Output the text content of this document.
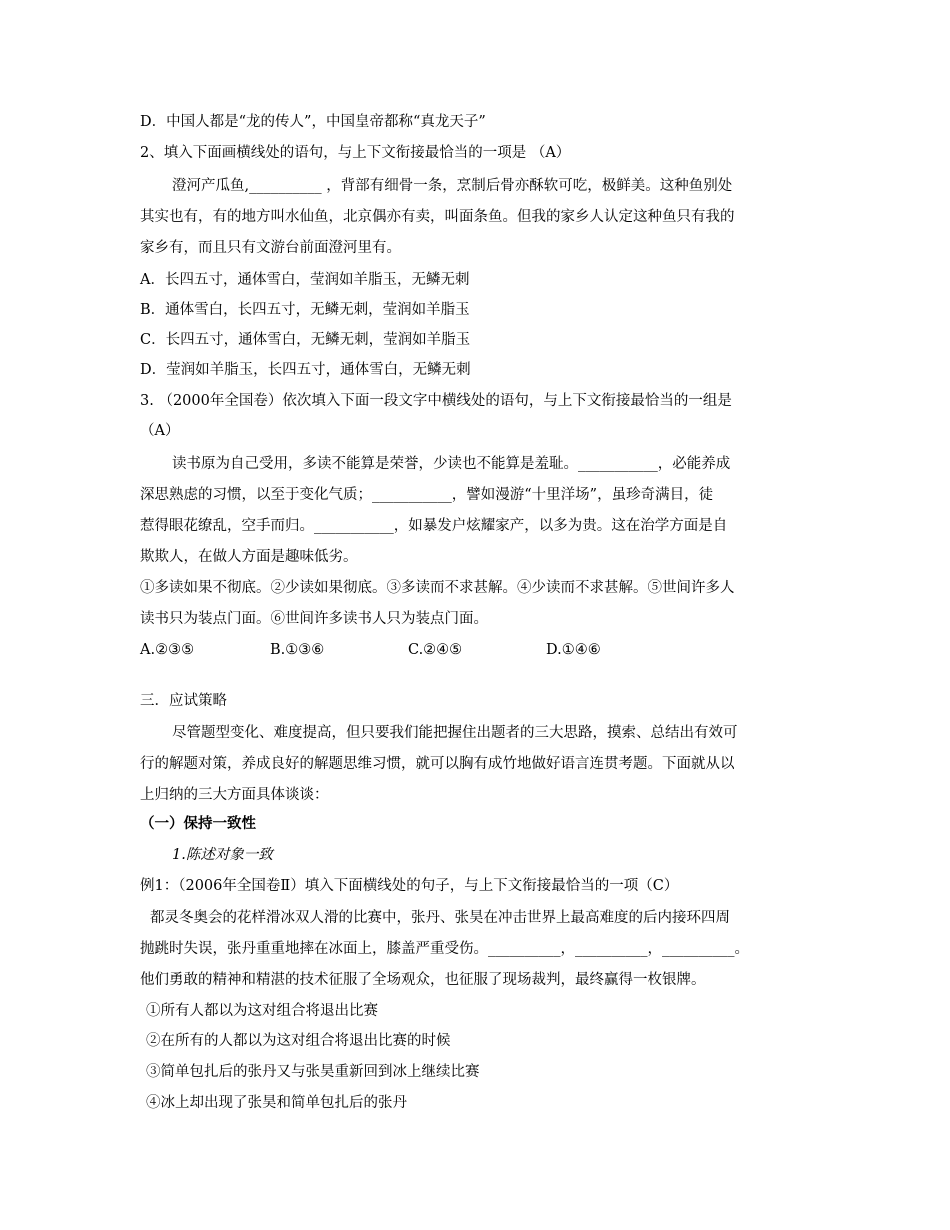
D．中国人都是“龙的传人”，中国皇帝都称“真龙天子”
2、填入下面画横线处的语句，与上下文衔接最恰当的一项是 （A）
澄河产瓜鱼,__________ ，背部有细骨一条，烹制后骨亦酥软可吃，极鲜美。这种鱼别处
其实也有，有的地方叫水仙鱼，北京偶亦有卖，叫面条鱼。但我的家乡人认定这种鱼只有我的
家乡有，而且只有文游台前面澄河里有。
A．长四五寸，通体雪白，莹润如羊脂玉，无鳞无刺
B．通体雪白，长四五寸，无鳞无刺，莹润如羊脂玉
C．长四五寸，通体雪白，无鳞无刺，莹润如羊脂玉
D．莹润如羊脂玉，长四五寸，通体雪白，无鳞无刺
3. （2000年全国卷）依次填入下面一段文字中横线处的语句，与上下文衔接最恰当的一组是
（A）
读书原为自己受用，多读不能算是荣誉，少读也不能算是羞耻。___________，必能养成
深思熟虑的习惯，以至于变化气质；___________，譬如漫游“十里洋场”，虽珍奇满目，徒
惹得眼花缭乱，空手而归。___________，如暴发户炫耀家产，以多为贵。这在治学方面是自
欺欺人，在做人方面是趣味低劣。
①多读如果不彻底。②少读如果彻底。③多读而不求甚解。④少读而不求甚解。⑤世间许多人
读书只为装点门面。⑥世间许多读书人只为装点门面。
A.②③⑤	B.①③⑥	C.②④⑤	D.①④⑥
三．应试策略
尽管题型变化、难度提高，但只要我们能把握住出题者的三大思路，摸索、总结出有效可
行的解题对策，养成良好的解题思维习惯，就可以胸有成竹地做好语言连贯考题。下面就从以
上归纳的三大方面具体谈谈：
（一）保持一致性
1.陈述对象一致
例1：（2006年全国卷Ⅱ）填入下面横线处的句子，与上下文衔接最恰当的一项（C）
都灵冬奥会的花样滑冰双人滑的比赛中，张丹、张昊在冲击世界上最高难度的后内接环四周
抛跳时失误，张丹重重地摔在冰面上，膝盖严重受伤。__________，__________，__________。
他们勇敢的精神和精湛的技术征服了全场观众，也征服了现场裁判，最终赢得一枚银牌。
①所有人都以为这对组合将退出比赛
②在所有的人都以为这对组合将退出比赛的时候
③简单包扎后的张丹又与张昊重新回到冰上继续比赛
④冰上却出现了张昊和简单包扎后的张丹
